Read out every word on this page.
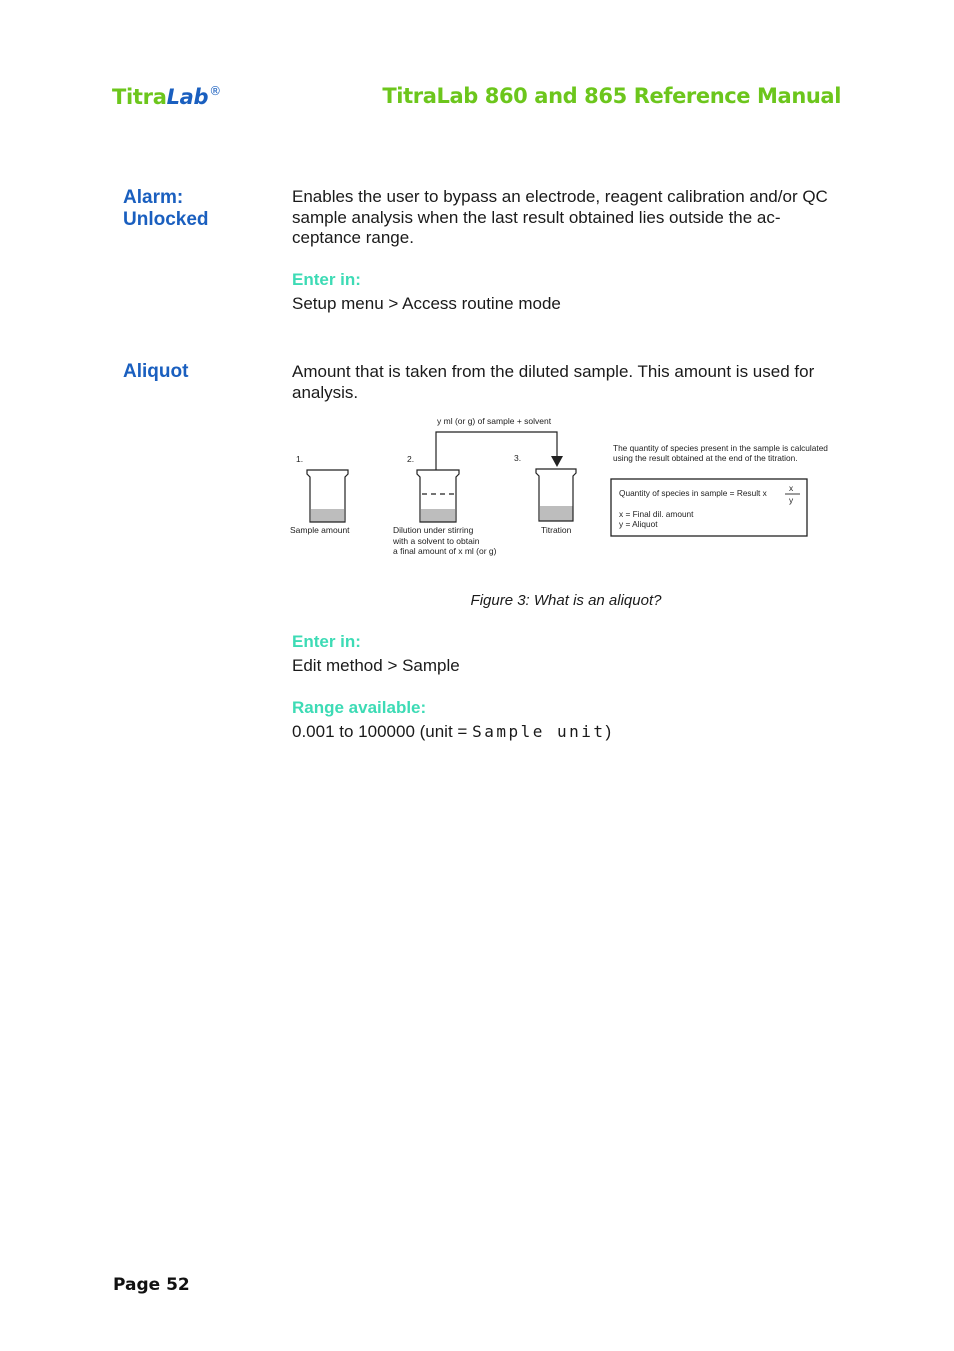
TitraLab®	TitraLab 860 and 865 Reference Manual
Alarm:
Unlocked
Enables the user to bypass an electrode, reagent calibration and/or QC sample analysis when the last result obtained lies outside the ac-ceptance range.
Enter in:
Setup menu > Access routine mode
Aliquot	Amount that is taken from the diluted sample. This amount is used for analysis.
y ml (or g) of sample + solvent
1.	2.	3.
Sample amount	Dilution under stirring
with a solvent to obtain
a final amount of x ml (or g)
Titration
The quantity of species present in the sample is calculated
using the result obtained at the end of the titration.
Quantity of species in sample = Result x	x
y
x = Final dil. amount
y = Aliquot
Figure 3: What is an aliquot?
Enter in:
Edit method > Sample
Range available:
0.001 to 100000 (unit = Sample unit)
Page 52
